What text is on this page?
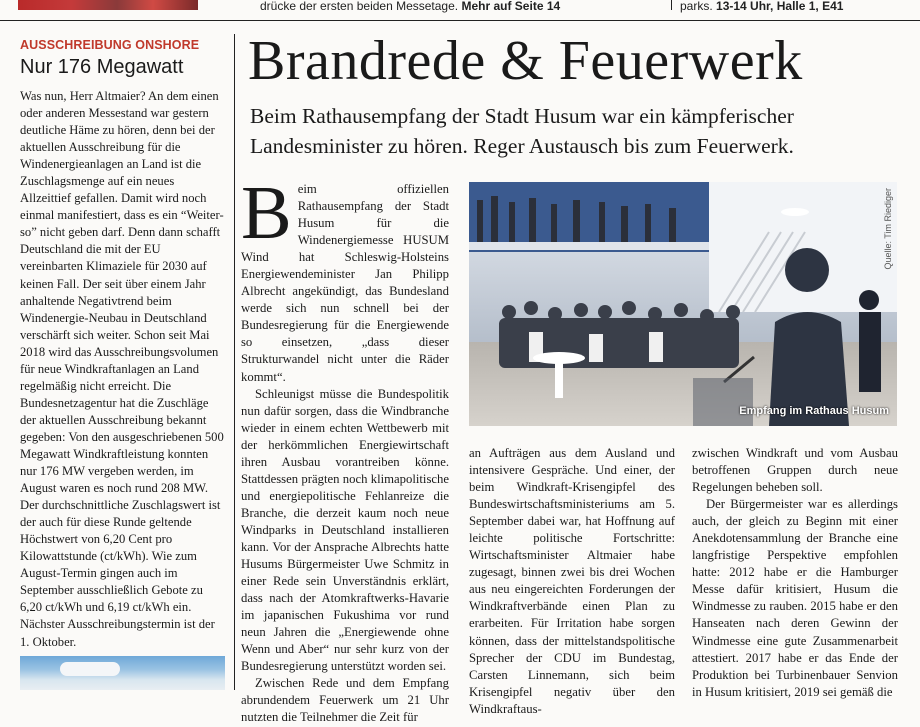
drücke der ersten beiden Messetage. Mehr auf Seite 14	parks. 13-14 Uhr, Halle 1, E41
AUSSCHREIBUNG ONSHORE
Nur 176 Megawatt
Was nun, Herr Altmaier? An dem einen oder anderen Messestand war gestern deutliche Häme zu hören, denn bei der aktuellen Ausschreibung für die Windenergieanlagen an Land ist die Zuschlagsmenge auf ein neues Allzeittief gefallen. Damit wird noch einmal manifestiert, dass es ein “Weiter-so” nicht geben darf. Denn dann schafft Deutschland die mit der EU vereinbarten Klimaziele für 2030 auf keinen Fall. Der seit über einem Jahr anhaltende Negativtrend beim Windenergie-Neubau in Deutschland verschärft sich weiter. Schon seit Mai 2018 wird das Ausschreibungsvolumen für neue Windkraftanlagen an Land regelmäßig nicht erreicht. Die Bundesnetzagentur hat die Zuschläge der aktuellen Ausschreibung bekannt gegeben: Von den ausgeschriebenen 500 Megawatt Windkraftleistung konnten nur 176 MW vergeben werden, im August waren es noch rund 208 MW. Der durchschnittliche Zuschlagswert ist der auch für diese Runde geltende Höchstwert von 6,20 Cent pro Kilowattstunde (ct/kWh). Wie zum August-Termin gingen auch im September ausschließlich Gebote zu 6,20 ct/kWh und 6,19 ct/kWh ein. Nächster Ausschreibungstermin ist der 1. Oktober.
Brandrede & Feuerwerk

Beim Rathausempfang der Stadt Husum war ein kämpferischer Landesminister zu hören. Reger Austausch bis zum Feuerwerk.

B eim offiziellen Rathausempfang der Stadt Husum für die Windenergiemesse HUSUM Wind hat Schleswig-Holsteins Energiewendeminister Jan Philipp Albrecht angekündigt, das Bundesland werde sich nun schnell bei der Bundesregierung für die Energiewende so einsetzen, „dass dieser Strukturwandel nicht unter die Räder kommt“.

Schleunigst müsse die Bundespolitik nun dafür sorgen, dass die Windbranche wieder in einem echten Wettbewerb mit der herkömmlichen Energiewirtschaft ihren Ausbau vorantreiben könne. Stattdessen prägten noch klimapolitische und energiepolitische Fehlanreize die Branche, die derzeit kaum noch neue Windparks in Deutschland installieren kann. Vor der Ansprache Albrechts hatte Husums Bürgermeister Uwe Schmitz in einer Rede sein Unverständnis erklärt, dass nach der Atomkraftwerks-Havarie im japanischen Fukushima vor rund neun Jahren die „Energiewende ohne Wenn und Aber“ nur sehr kurz von der Bundesregierung unterstützt worden sei.

Zwischen Rede und dem Empfang abrundendem Feuerwerk um 21 Uhr nutzten die Teilnehmer die Zeit für

Empfang im Rathaus Husum
Quelle: Tim Riediger

an Aufträgen aus dem Ausland und intensivere Gespräche. Und einer, der beim Windkraft-Krisengipfel des Bundeswirtschaftsministeriums am 5. September dabei war, hat Hoffnung auf leichte politische Fortschritte: Wirtschaftsminister Altmaier habe zugesagt, binnen zwei bis drei Wochen aus neu eingereichten Forderungen der Windkraftverbände einen Plan zu erarbeiten. Für Irritation habe sorgen können, dass der mittelstandspolitische Sprecher der CDU im Bundestag, Carsten Linnemann, sich beim Krisengipfel negativ über den Windkraftaus-

zwischen Windkraft und vom Ausbau betroffenen Gruppen durch neue Regelungen beheben soll.

Der Bürgermeister war es allerdings auch, der gleich zu Beginn mit einer Anekdotensammlung der Branche eine langfristige Perspektive empfohlen hatte: 2012 habe er die Hamburger Messe dafür kritisiert, Husum die Windmesse zu rauben. 2015 habe er den Hanseaten nach deren Gewinn der Windmesse eine gute Zusammenarbeit attestiert. 2017 habe er das Ende der Produktion bei Turbinenbauer Senvion in Husum kritisiert, 2019 sei gemäß die
